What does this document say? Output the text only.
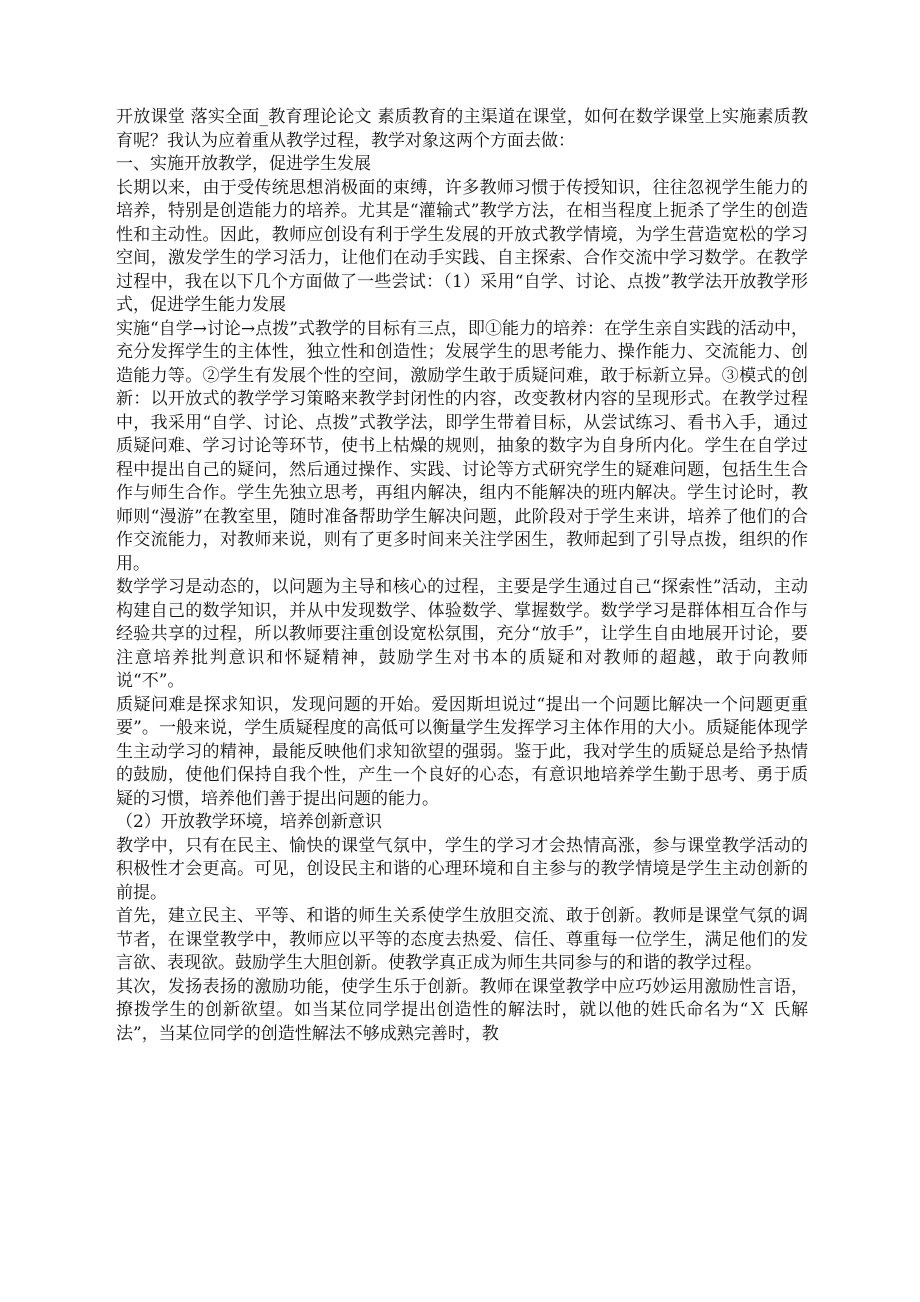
开放课堂 落实全面_教育理论论文 素质教育的主渠道在课堂，如何在数学课堂上实施素质教育呢？我认为应着重从教学过程，教学对象这两个方面去做：

一、实施开放教学，促进学生发展

长期以来，由于受传统思想消极面的束缚，许多教师习惯于传授知识，往往忽视学生能力的培养，特别是创造能力的培养。尤其是“灌输式”教学方法，在相当程度上扼杀了学生的创造性和主动性。因此，教师应创设有利于学生发展的开放式教学情境，为学生营造宽松的学习空间，激发学生的学习活力，让他们在动手实践、自主探索、合作交流中学习数学。在教学过程中，我在以下几个方面做了一些尝试：（1）采用“自学、讨论、点拨”教学法开放教学形式，促进学生能力发展

实施“自学→讨论→点拨”式教学的目标有三点，即①能力的培养：在学生亲自实践的活动中，充分发挥学生的主体性，独立性和创造性；发展学生的思考能力、操作能力、交流能力、创造能力等。②学生有发展个性的空间，激励学生敢于质疑问难，敢于标新立异。③模式的创新：以开放式的教学学习策略来教学封闭性的内容，改变教材内容的呈现形式。在教学过程中，我采用“自学、讨论、点拨”式教学法，即学生带着目标，从尝试练习、看书入手，通过质疑问难、学习讨论等环节，使书上枯燥的规则，抽象的数字为自身所内化。学生在自学过程中提出自己的疑问，然后通过操作、实践、讨论等方式研究学生的疑难问题，包括生生合作与师生合作。学生先独立思考，再组内解决，组内不能解决的班内解决。学生讨论时，教师则“漫游”在教室里，随时准备帮助学生解决问题，此阶段对于学生来讲，培养了他们的合作交流能力，对教师来说，则有了更多时间来关注学困生，教师起到了引导点拨，组织的作用。

数学学习是动态的，以问题为主导和核心的过程，主要是学生通过自己“探索性”活动，主动构建自己的数学知识，并从中发现数学、体验数学、掌握数学。数学学习是群体相互合作与经验共享的过程，所以教师要注重创设宽松氛围，充分“放手”，让学生自由地展开讨论，要注意培养批判意识和怀疑精神，鼓励学生对书本的质疑和对教师的超越，敢于向教师说“不”。

质疑问难是探求知识，发现问题的开始。爱因斯坦说过“提出一个问题比解决一个问题更重要”。一般来说，学生质疑程度的高低可以衡量学生发挥学习主体作用的大小。质疑能体现学生主动学习的精神，最能反映他们求知欲望的强弱。鉴于此，我对学生的质疑总是给予热情的鼓励，使他们保持自我个性，产生一个良好的心态，有意识地培养学生勤于思考、勇于质疑的习惯，培养他们善于提出问题的能力。

（2）开放教学环境，培养创新意识

教学中，只有在民主、愉快的课堂气氛中，学生的学习才会热情高涨，参与课堂教学活动的积极性才会更高。可见，创设民主和谐的心理环境和自主参与的教学情境是学生主动创新的前提。

首先，建立民主、平等、和谐的师生关系使学生放胆交流、敢于创新。教师是课堂气氛的调节者，在课堂教学中，教师应以平等的态度去热爱、信任、尊重每一位学生，满足他们的发言欲、表现欲。鼓励学生大胆创新。使教学真正成为师生共同参与的和谐的教学过程。

其次，发扬表扬的激励功能，使学生乐于创新。教师在课堂教学中应巧妙运用激励性言语，撩拨学生的创新欲望。如当某位同学提出创造性的解法时，就以他的姓氏命名为“Ｘ 氏解法”，当某位同学的创造性解法不够成熟完善时，教
